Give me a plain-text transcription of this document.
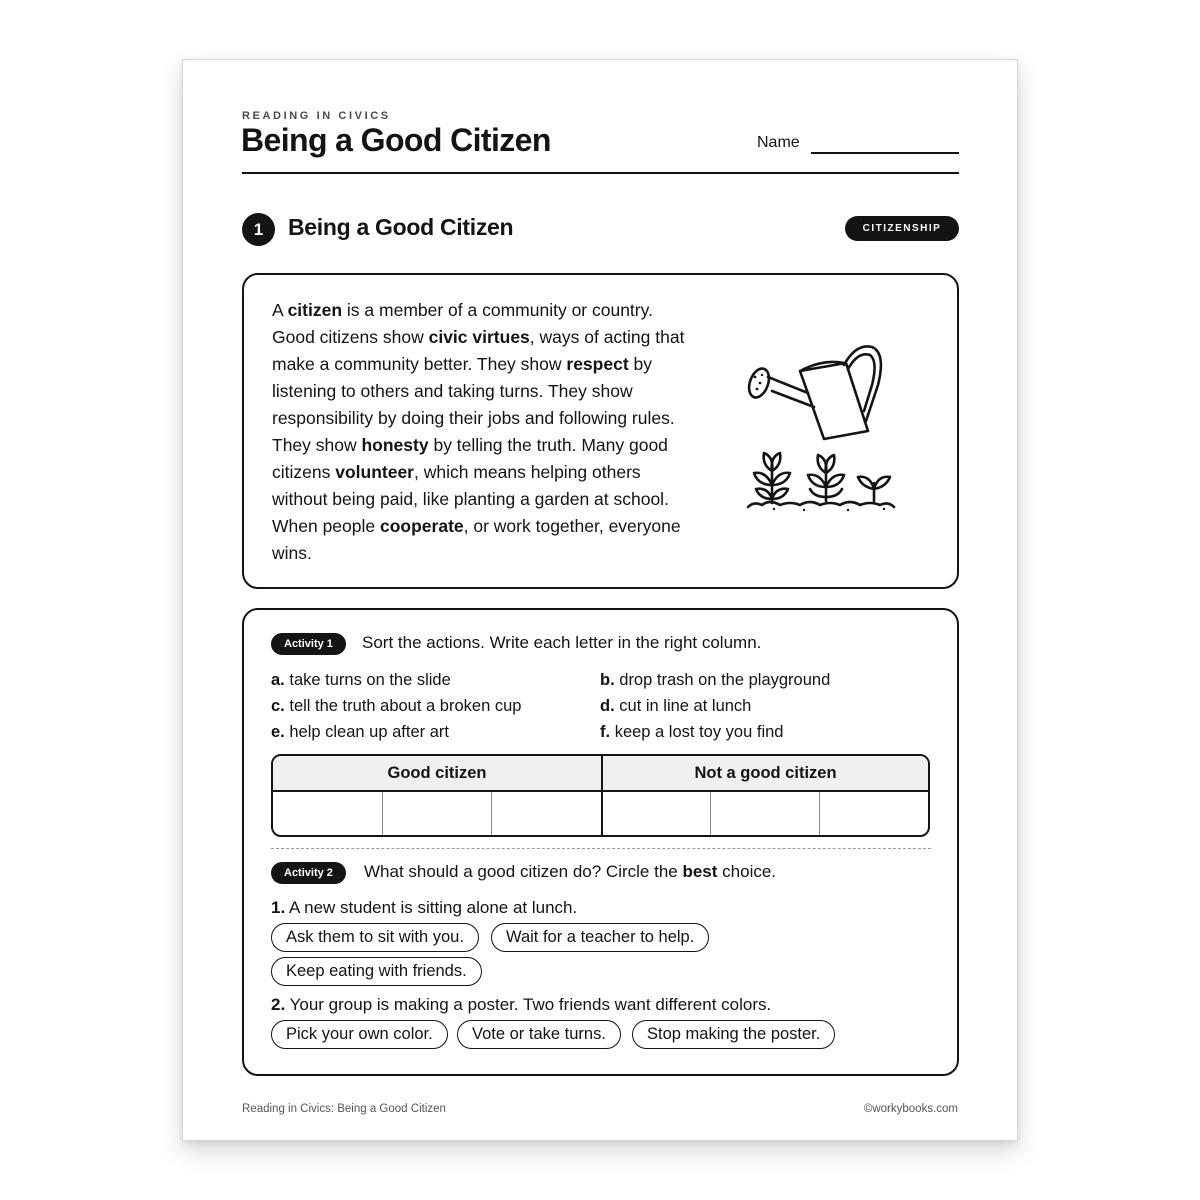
READING IN CIVICS
Being a Good Citizen	Name
1	Being a Good Citizen	CITIZENSHIP

A citizen is a member of a community or country. Good citizens show civic virtues, ways of acting that make a community better. They show respect by listening to others and taking turns. They show responsibility by doing their jobs and following rules. They show honesty by telling the truth. Many good citizens volunteer, which means helping others without being paid, like planting a garden at school. When people cooperate, or work together, everyone wins.

Activity 1	Sort the actions. Write each letter in the right column.
a. take turns on the slide	b. drop trash on the playground
c. tell the truth about a broken cup	d. cut in line at lunch
e. help clean up after art	f. keep a lost toy you find
Good citizen	Not a good citizen
Activity 2	What should a good citizen do? Circle the best choice.
1. A new student is sitting alone at lunch.
Ask them to sit with you.	Wait for a teacher to help.
Keep eating with friends.
2. Your group is making a poster. Two friends want different colors.
Pick your own color.	Vote or take turns.	Stop making the poster.
Reading in Civics: Being a Good Citizen	©workybooks.com
